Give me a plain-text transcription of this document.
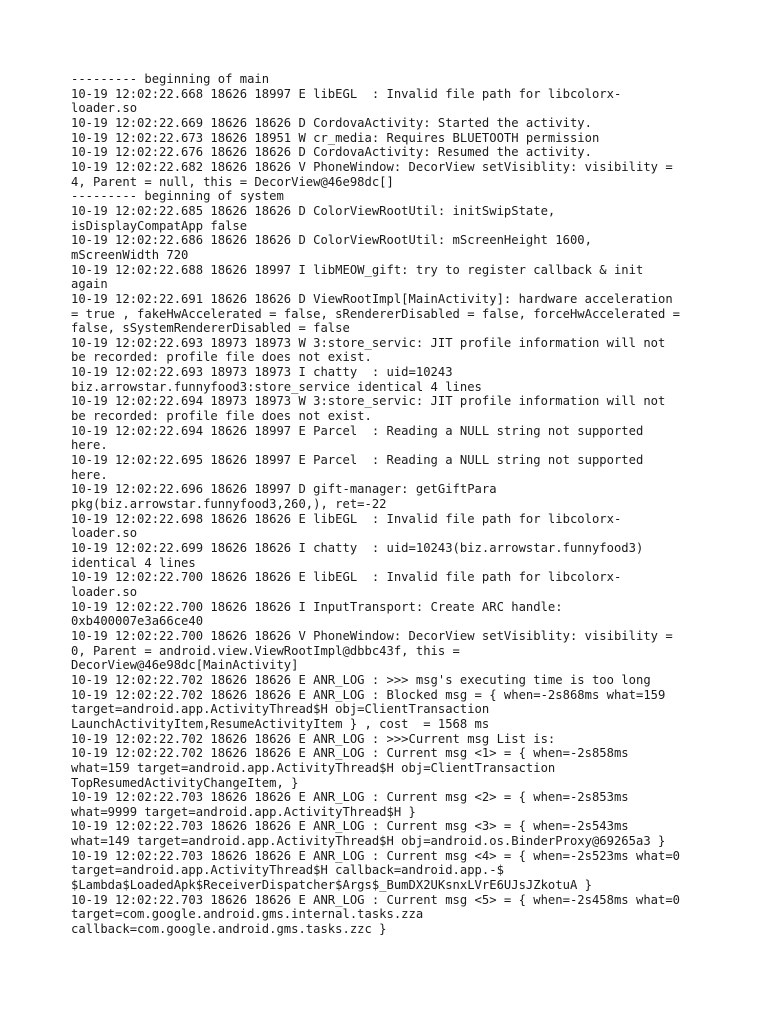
--------- beginning of main
10-19 12:02:22.668 18626 18997 E libEGL  : Invalid file path for libcolorx-
loader.so
10-19 12:02:22.669 18626 18626 D CordovaActivity: Started the activity.
10-19 12:02:22.673 18626 18951 W cr_media: Requires BLUETOOTH permission
10-19 12:02:22.676 18626 18626 D CordovaActivity: Resumed the activity.
10-19 12:02:22.682 18626 18626 V PhoneWindow: DecorView setVisiblity: visibility =
4, Parent = null, this = DecorView@46e98dc[]
--------- beginning of system
10-19 12:02:22.685 18626 18626 D ColorViewRootUtil: initSwipState,
isDisplayCompatApp false
10-19 12:02:22.686 18626 18626 D ColorViewRootUtil: mScreenHeight 1600,
mScreenWidth 720
10-19 12:02:22.688 18626 18997 I libMEOW_gift: try to register callback & init
again
10-19 12:02:22.691 18626 18626 D ViewRootImpl[MainActivity]: hardware acceleration
= true , fakeHwAccelerated = false, sRendererDisabled = false, forceHwAccelerated =
false, sSystemRendererDisabled = false
10-19 12:02:22.693 18973 18973 W 3:store_servic: JIT profile information will not
be recorded: profile file does not exist.
10-19 12:02:22.693 18973 18973 I chatty  : uid=10243
biz.arrowstar.funnyfood3:store_service identical 4 lines
10-19 12:02:22.694 18973 18973 W 3:store_servic: JIT profile information will not
be recorded: profile file does not exist.
10-19 12:02:22.694 18626 18997 E Parcel  : Reading a NULL string not supported
here.
10-19 12:02:22.695 18626 18997 E Parcel  : Reading a NULL string not supported
here.
10-19 12:02:22.696 18626 18997 D gift-manager: getGiftPara
pkg(biz.arrowstar.funnyfood3,260,), ret=-22
10-19 12:02:22.698 18626 18626 E libEGL  : Invalid file path for libcolorx-
loader.so
10-19 12:02:22.699 18626 18626 I chatty  : uid=10243(biz.arrowstar.funnyfood3)
identical 4 lines
10-19 12:02:22.700 18626 18626 E libEGL  : Invalid file path for libcolorx-
loader.so
10-19 12:02:22.700 18626 18626 I InputTransport: Create ARC handle:
0xb400007e3a66ce40
10-19 12:02:22.700 18626 18626 V PhoneWindow: DecorView setVisiblity: visibility =
0, Parent = android.view.ViewRootImpl@dbbc43f, this =
DecorView@46e98dc[MainActivity]
10-19 12:02:22.702 18626 18626 E ANR_LOG : >>> msg's executing time is too long
10-19 12:02:22.702 18626 18626 E ANR_LOG : Blocked msg = { when=-2s868ms what=159
target=android.app.ActivityThread$H obj=ClientTransaction
LaunchActivityItem,ResumeActivityItem } , cost  = 1568 ms
10-19 12:02:22.702 18626 18626 E ANR_LOG : >>>Current msg List is:
10-19 12:02:22.702 18626 18626 E ANR_LOG : Current msg <1> = { when=-2s858ms
what=159 target=android.app.ActivityThread$H obj=ClientTransaction
TopResumedActivityChangeItem, }
10-19 12:02:22.703 18626 18626 E ANR_LOG : Current msg <2> = { when=-2s853ms
what=9999 target=android.app.ActivityThread$H }
10-19 12:02:22.703 18626 18626 E ANR_LOG : Current msg <3> = { when=-2s543ms
what=149 target=android.app.ActivityThread$H obj=android.os.BinderProxy@69265a3 }
10-19 12:02:22.703 18626 18626 E ANR_LOG : Current msg <4> = { when=-2s523ms what=0
target=android.app.ActivityThread$H callback=android.app.-$
$Lambda$LoadedApk$ReceiverDispatcher$Args$_BumDX2UKsnxLVrE6UJsJZkotuA }
10-19 12:02:22.703 18626 18626 E ANR_LOG : Current msg <5> = { when=-2s458ms what=0
target=com.google.android.gms.internal.tasks.zza
callback=com.google.android.gms.tasks.zzc }
